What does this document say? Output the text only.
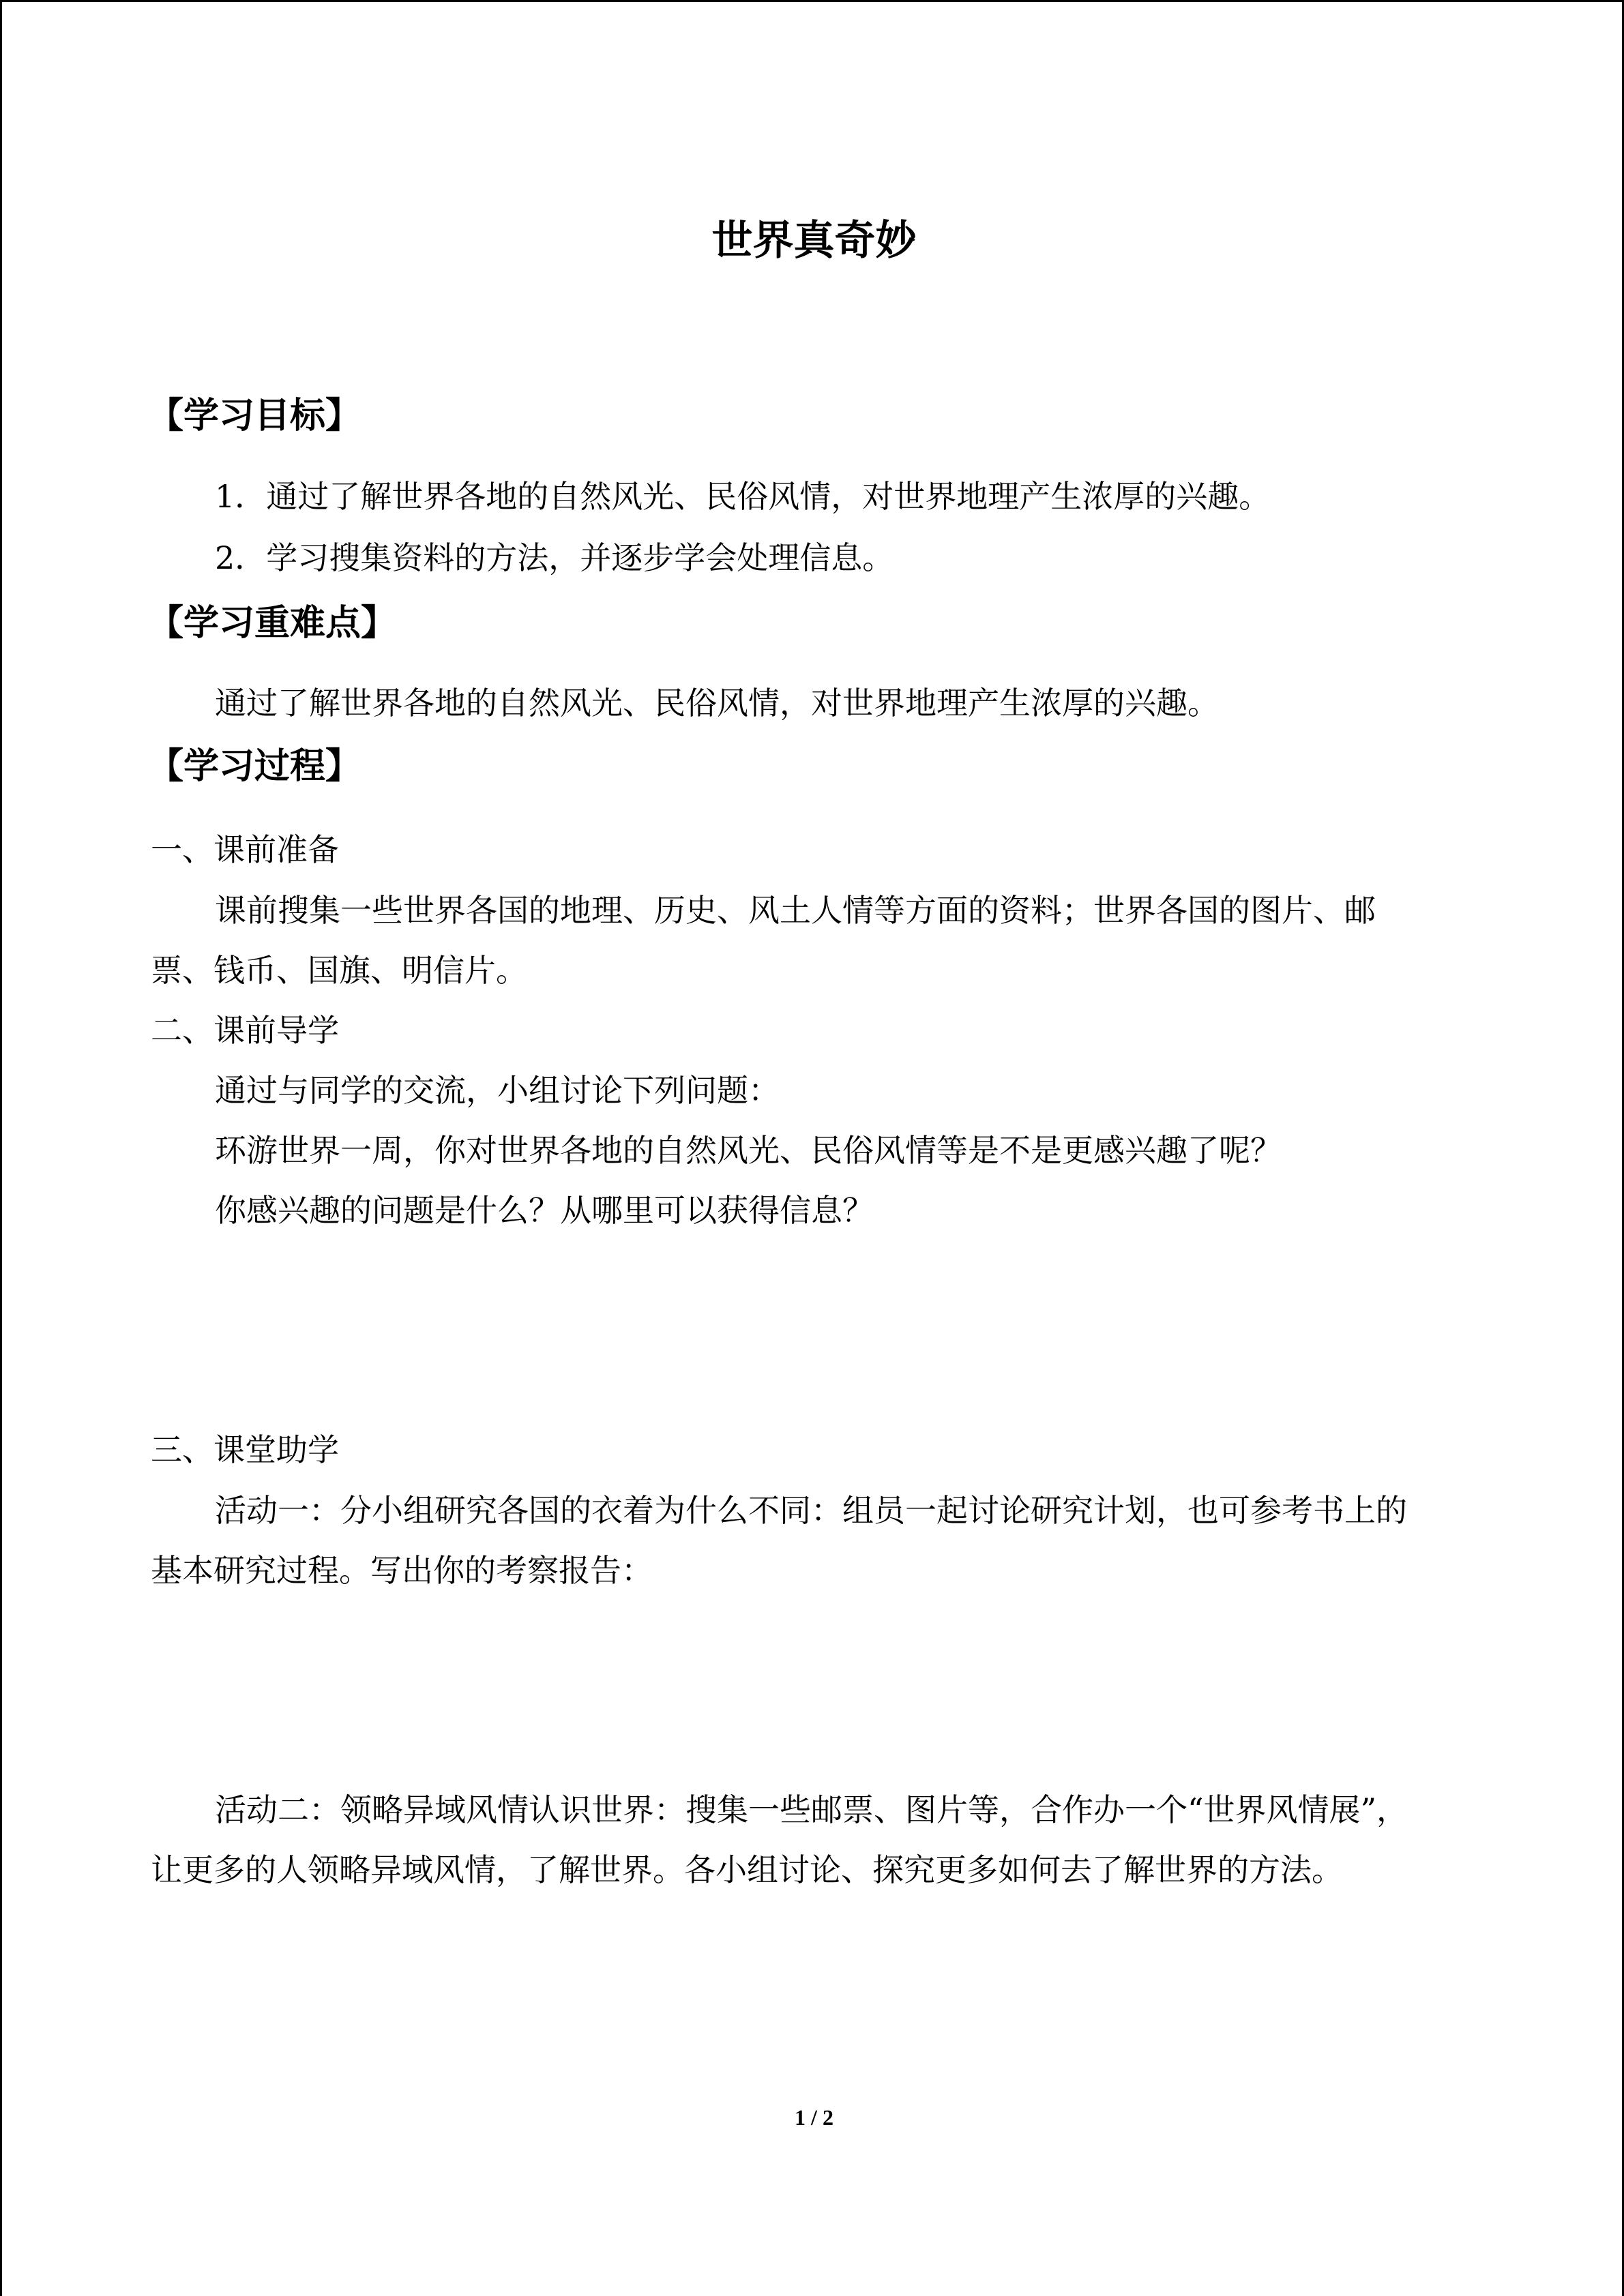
世界真奇妙
【学习目标】
1．通过了解世界各地的自然风光、民俗风情，对世界地理产生浓厚的兴趣。
2．学习搜集资料的方法，并逐步学会处理信息。
【学习重难点】
通过了解世界各地的自然风光、民俗风情，对世界地理产生浓厚的兴趣。
【学习过程】
一、课前准备
课前搜集一些世界各国的地理、历史、风土人情等方面的资料；世界各国的图片、邮
票、钱币、国旗、明信片。
二、课前导学
通过与同学的交流，小组讨论下列问题：
环游世界一周，你对世界各地的自然风光、民俗风情等是不是更感兴趣了呢？
你感兴趣的问题是什么？从哪里可以获得信息？
三、课堂助学
活动一：分小组研究各国的衣着为什么不同：组员一起讨论研究计划，也可参考书上的
基本研究过程。写出你的考察报告：
活动二：领略异域风情认识世界：搜集一些邮票、图片等，合作办一个“世界风情展”，
让更多的人领略异域风情，了解世界。各小组讨论、探究更多如何去了解世界的方法。
1 / 2
